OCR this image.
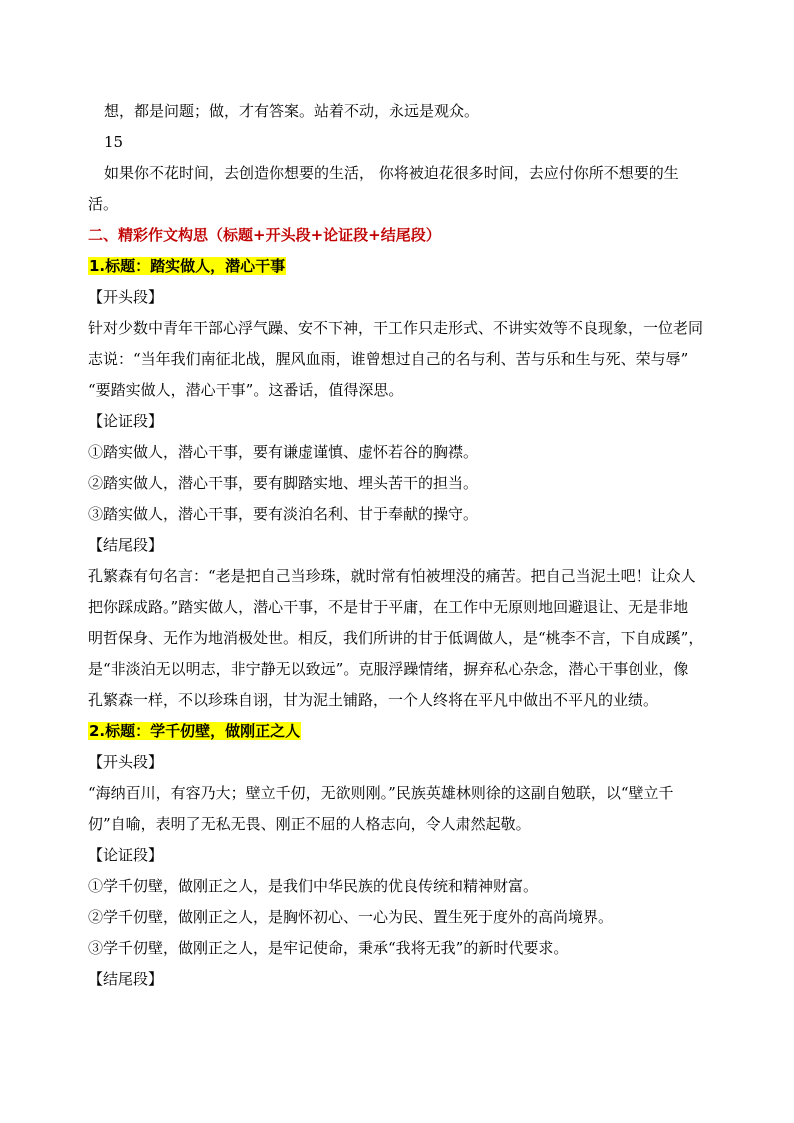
想，都是问题；做，才有答案。站着不动，永远是观众。
15
如果你不花时间，去创造你想要的生活， 你将被迫花很多时间，去应付你所不想要的生
活。
二、精彩作文构思（标题+开头段+论证段+结尾段）
1.标题：踏实做人，潜心干事
【开头段】
针对少数中青年干部心浮气躁、安不下神，干工作只走形式、不讲实效等不良现象，一位老同
志说：“当年我们南征北战，腥风血雨，谁曾想过自己的名与利、苦与乐和生与死、荣与辱”
“要踏实做人，潜心干事”。这番话，值得深思。
【论证段】
①踏实做人，潜心干事，要有谦虚谨慎、虚怀若谷的胸襟。
②踏实做人，潜心干事，要有脚踏实地、埋头苦干的担当。
③踏实做人，潜心干事，要有淡泊名利、甘于奉献的操守。
【结尾段】
孔繁森有句名言：“老是把自己当珍珠，就时常有怕被埋没的痛苦。把自己当泥土吧！让众人
把你踩成路。”踏实做人，潜心干事，不是甘于平庸，在工作中无原则地回避退让、无是非地
明哲保身、无作为地消极处世。相反，我们所讲的甘于低调做人，是“桃李不言，下自成蹊”，
是“非淡泊无以明志，非宁静无以致远”。克服浮躁情绪，摒弃私心杂念，潜心干事创业，像
孔繁森一样，不以珍珠自诩，甘为泥土铺路，一个人终将在平凡中做出不平凡的业绩。
2.标题：学千仞壁，做刚正之人
【开头段】
“海纳百川，有容乃大；壁立千仞，无欲则刚。”民族英雄林则徐的这副自勉联，以“壁立千
仞”自喻，表明了无私无畏、刚正不屈的人格志向，令人肃然起敬。
【论证段】
①学千仞壁，做刚正之人，是我们中华民族的优良传统和精神财富。
②学千仞壁，做刚正之人，是胸怀初心、一心为民、置生死于度外的高尚境界。
③学千仞壁，做刚正之人，是牢记使命，秉承“我将无我”的新时代要求。
【结尾段】
